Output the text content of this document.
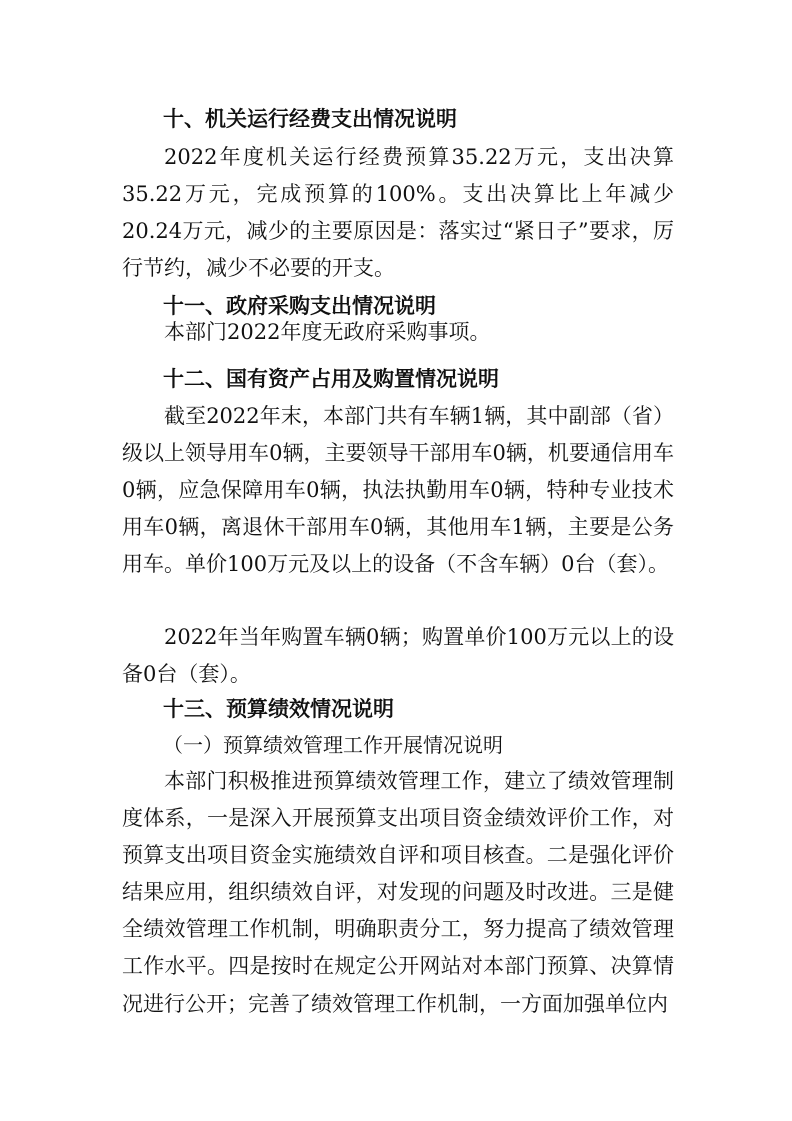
十、机关运行经费支出情况说明

2022年度机关运行经费预算35.22万元，支出决算35.22万元，完成预算的100%。支出决算比上年减少20.24万元，减少的主要原因是：落实过“紧日子”要求，厉行节约，减少不必要的开支。

十一、政府采购支出情况说明

本部门2022年度无政府采购事项。

十二、国有资产占用及购置情况说明

截至2022年末，本部门共有车辆1辆，其中副部（省）级以上领导用车0辆，主要领导干部用车0辆，机要通信用车0辆，应急保障用车0辆，执法执勤用车0辆，特种专业技术用车0辆，离退休干部用车0辆，其他用车1辆，主要是公务用车。单价100万元及以上的设备（不含车辆）0台（套）。

2022年当年购置车辆0辆；购置单价100万元以上的设备0台（套）。

十三、预算绩效情况说明
（一）预算绩效管理工作开展情况说明

本部门积极推进预算绩效管理工作，建立了绩效管理制度体系，一是深入开展预算支出项目资金绩效评价工作，对预算支出项目资金实施绩效自评和项目核查。二是强化评价结果应用，组织绩效自评，对发现的问题及时改进。三是健全绩效管理工作机制，明确职责分工，努力提高了绩效管理工作水平。四是按时在规定公开网站对本部门预算、决算情况进行公开；完善了绩效管理工作机制，一方面加强单位内
